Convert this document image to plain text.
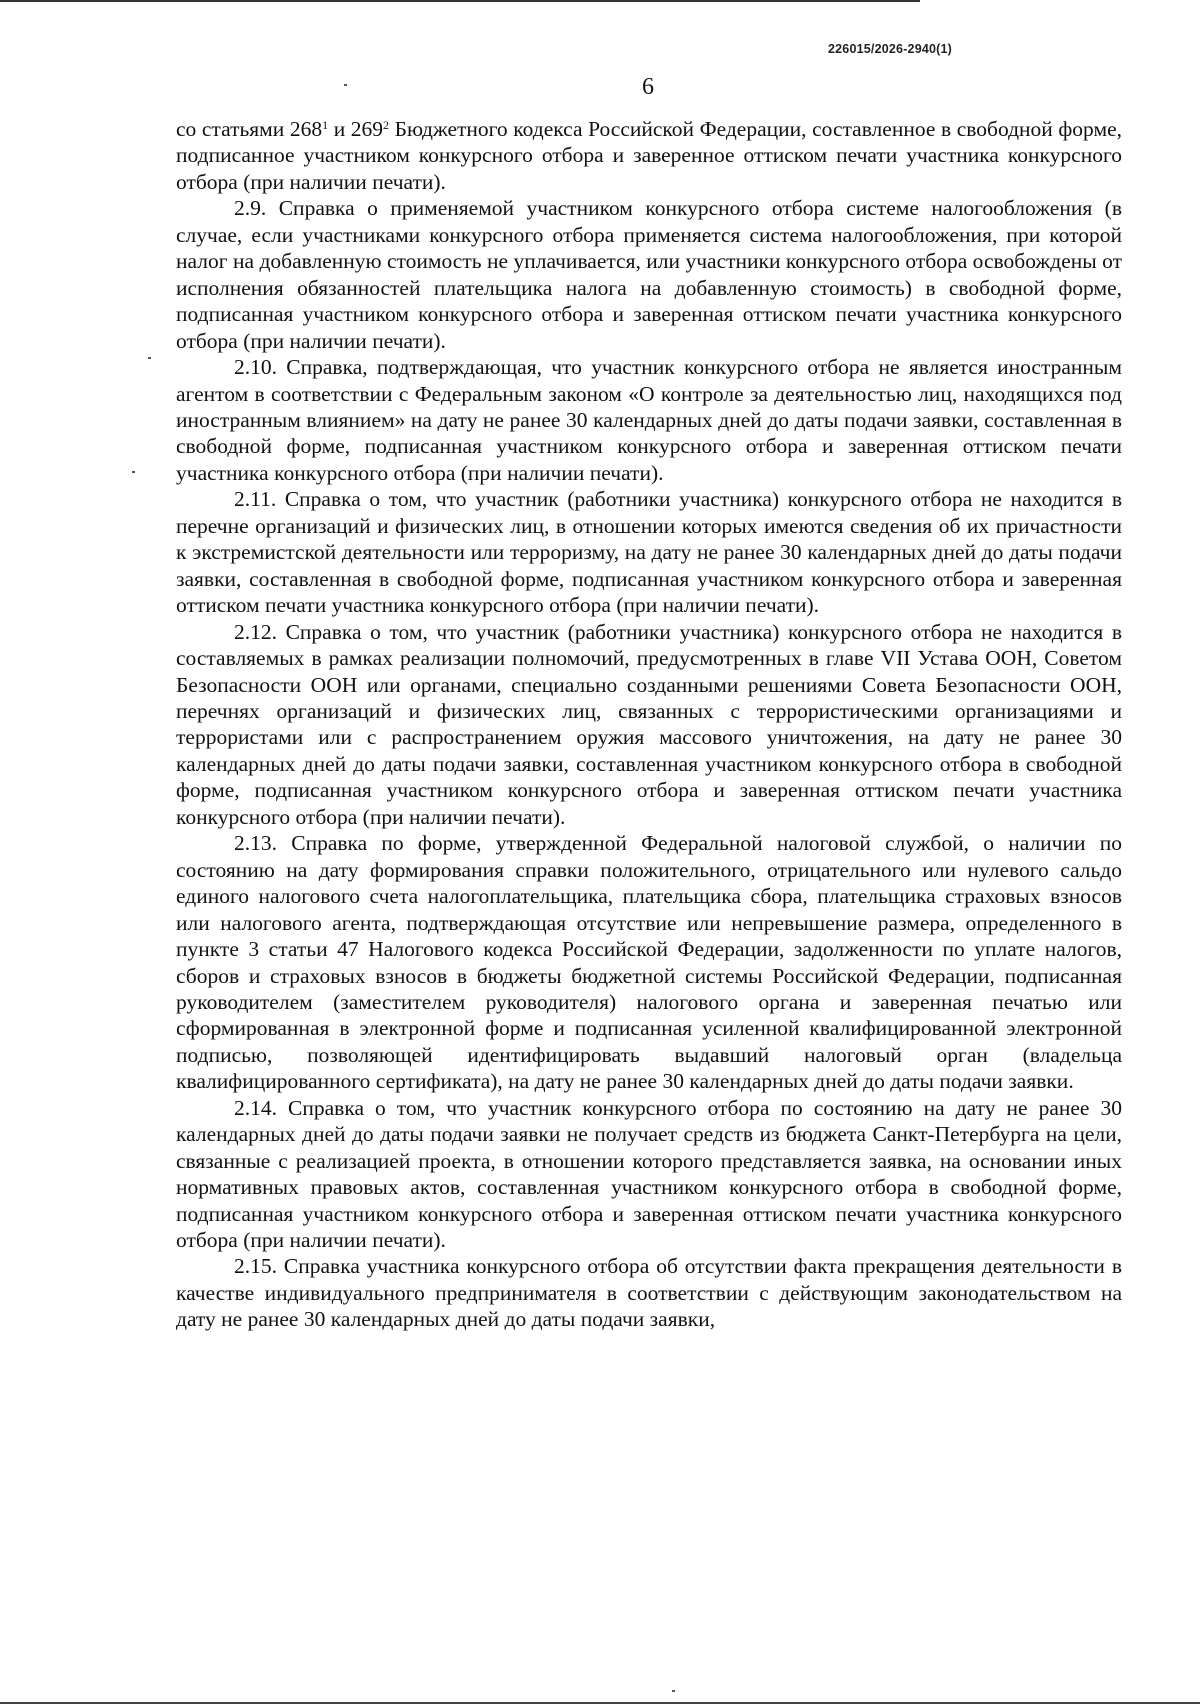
226015/2026-2940(1)
6

со статьями $268^1$ и $269^2$ Бюджетного кодекса Российской Федерации, составленное в свободной форме, подписанное участником конкурсного отбора и заверенное оттиском печати участника конкурсного отбора (при наличии печати).

2.9. Справка о применяемой участником конкурсного отбора системе налогообложения (в случае, если участниками конкурсного отбора применяется система налогообложения, при которой налог на добавленную стоимость не уплачивается, или участники конкурсного отбора освобождены от исполнения обязанностей плательщика налога на добавленную стоимость) в свободной форме, подписанная участником конкурсного отбора и заверенная оттиском печати участника конкурсного отбора (при наличии печати).

2.10. Справка, подтверждающая, что участник конкурсного отбора не является иностранным агентом в соответствии с Федеральным законом «О контроле за деятельностью лиц, находящихся под иностранным влиянием» на дату не ранее 30 календарных дней до даты подачи заявки, составленная в свободной форме, подписанная участником конкурсного отбора и заверенная оттиском печати участника конкурсного отбора (при наличии печати).

2.11. Справка о том, что участник (работники участника) конкурсного отбора не находится в перечне организаций и физических лиц, в отношении которых имеются сведения об их причастности к экстремистской деятельности или терроризму, на дату не ранее 30 календарных дней до даты подачи заявки, составленная в свободной форме, подписанная участником конкурсного отбора и заверенная оттиском печати участника конкурсного отбора (при наличии печати).

2.12. Справка о том, что участник (работники участника) конкурсного отбора не находится в составляемых в рамках реализации полномочий, предусмотренных в главе VII Устава ООН, Советом Безопасности ООН или органами, специально созданными решениями Совета Безопасности ООН, перечнях организаций и физических лиц, связанных с террористическими организациями и террористами или с распространением оружия массового уничтожения, на дату не ранее 30 календарных дней до даты подачи заявки, составленная участником конкурсного отбора в свободной форме, подписанная участником конкурсного отбора и заверенная оттиском печати участника конкурсного отбора (при наличии печати).

2.13. Справка по форме, утвержденной Федеральной налоговой службой, о наличии по состоянию на дату формирования справки положительного, отрицательного или нулевого сальдо единого налогового счета налогоплательщика, плательщика сбора, плательщика страховых взносов или налогового агента, подтверждающая отсутствие или непревышение размера, определенного в пункте 3 статьи 47 Налогового кодекса Российской Федерации, задолженности по уплате налогов, сборов и страховых взносов в бюджеты бюджетной системы Российской Федерации, подписанная руководителем (заместителем руководителя) налогового органа и заверенная печатью или сформированная в электронной форме и подписанная усиленной квалифицированной электронной подписью, позволяющей идентифицировать выдавший налоговый орган (владельца квалифицированного сертификата), на дату не ранее 30 календарных дней до даты подачи заявки.

2.14. Справка о том, что участник конкурсного отбора по состоянию на дату не ранее 30 календарных дней до даты подачи заявки не получает средств из бюджета Санкт-Петербурга на цели, связанные с реализацией проекта, в отношении которого представляется заявка, на основании иных нормативных правовых актов, составленная участником конкурсного отбора в свободной форме, подписанная участником конкурсного отбора и заверенная оттиском печати участника конкурсного отбора (при наличии печати).

2.15. Справка участника конкурсного отбора об отсутствии факта прекращения деятельности в качестве индивидуального предпринимателя в соответствии с действующим законодательством на дату не ранее 30 календарных дней до даты подачи заявки,
